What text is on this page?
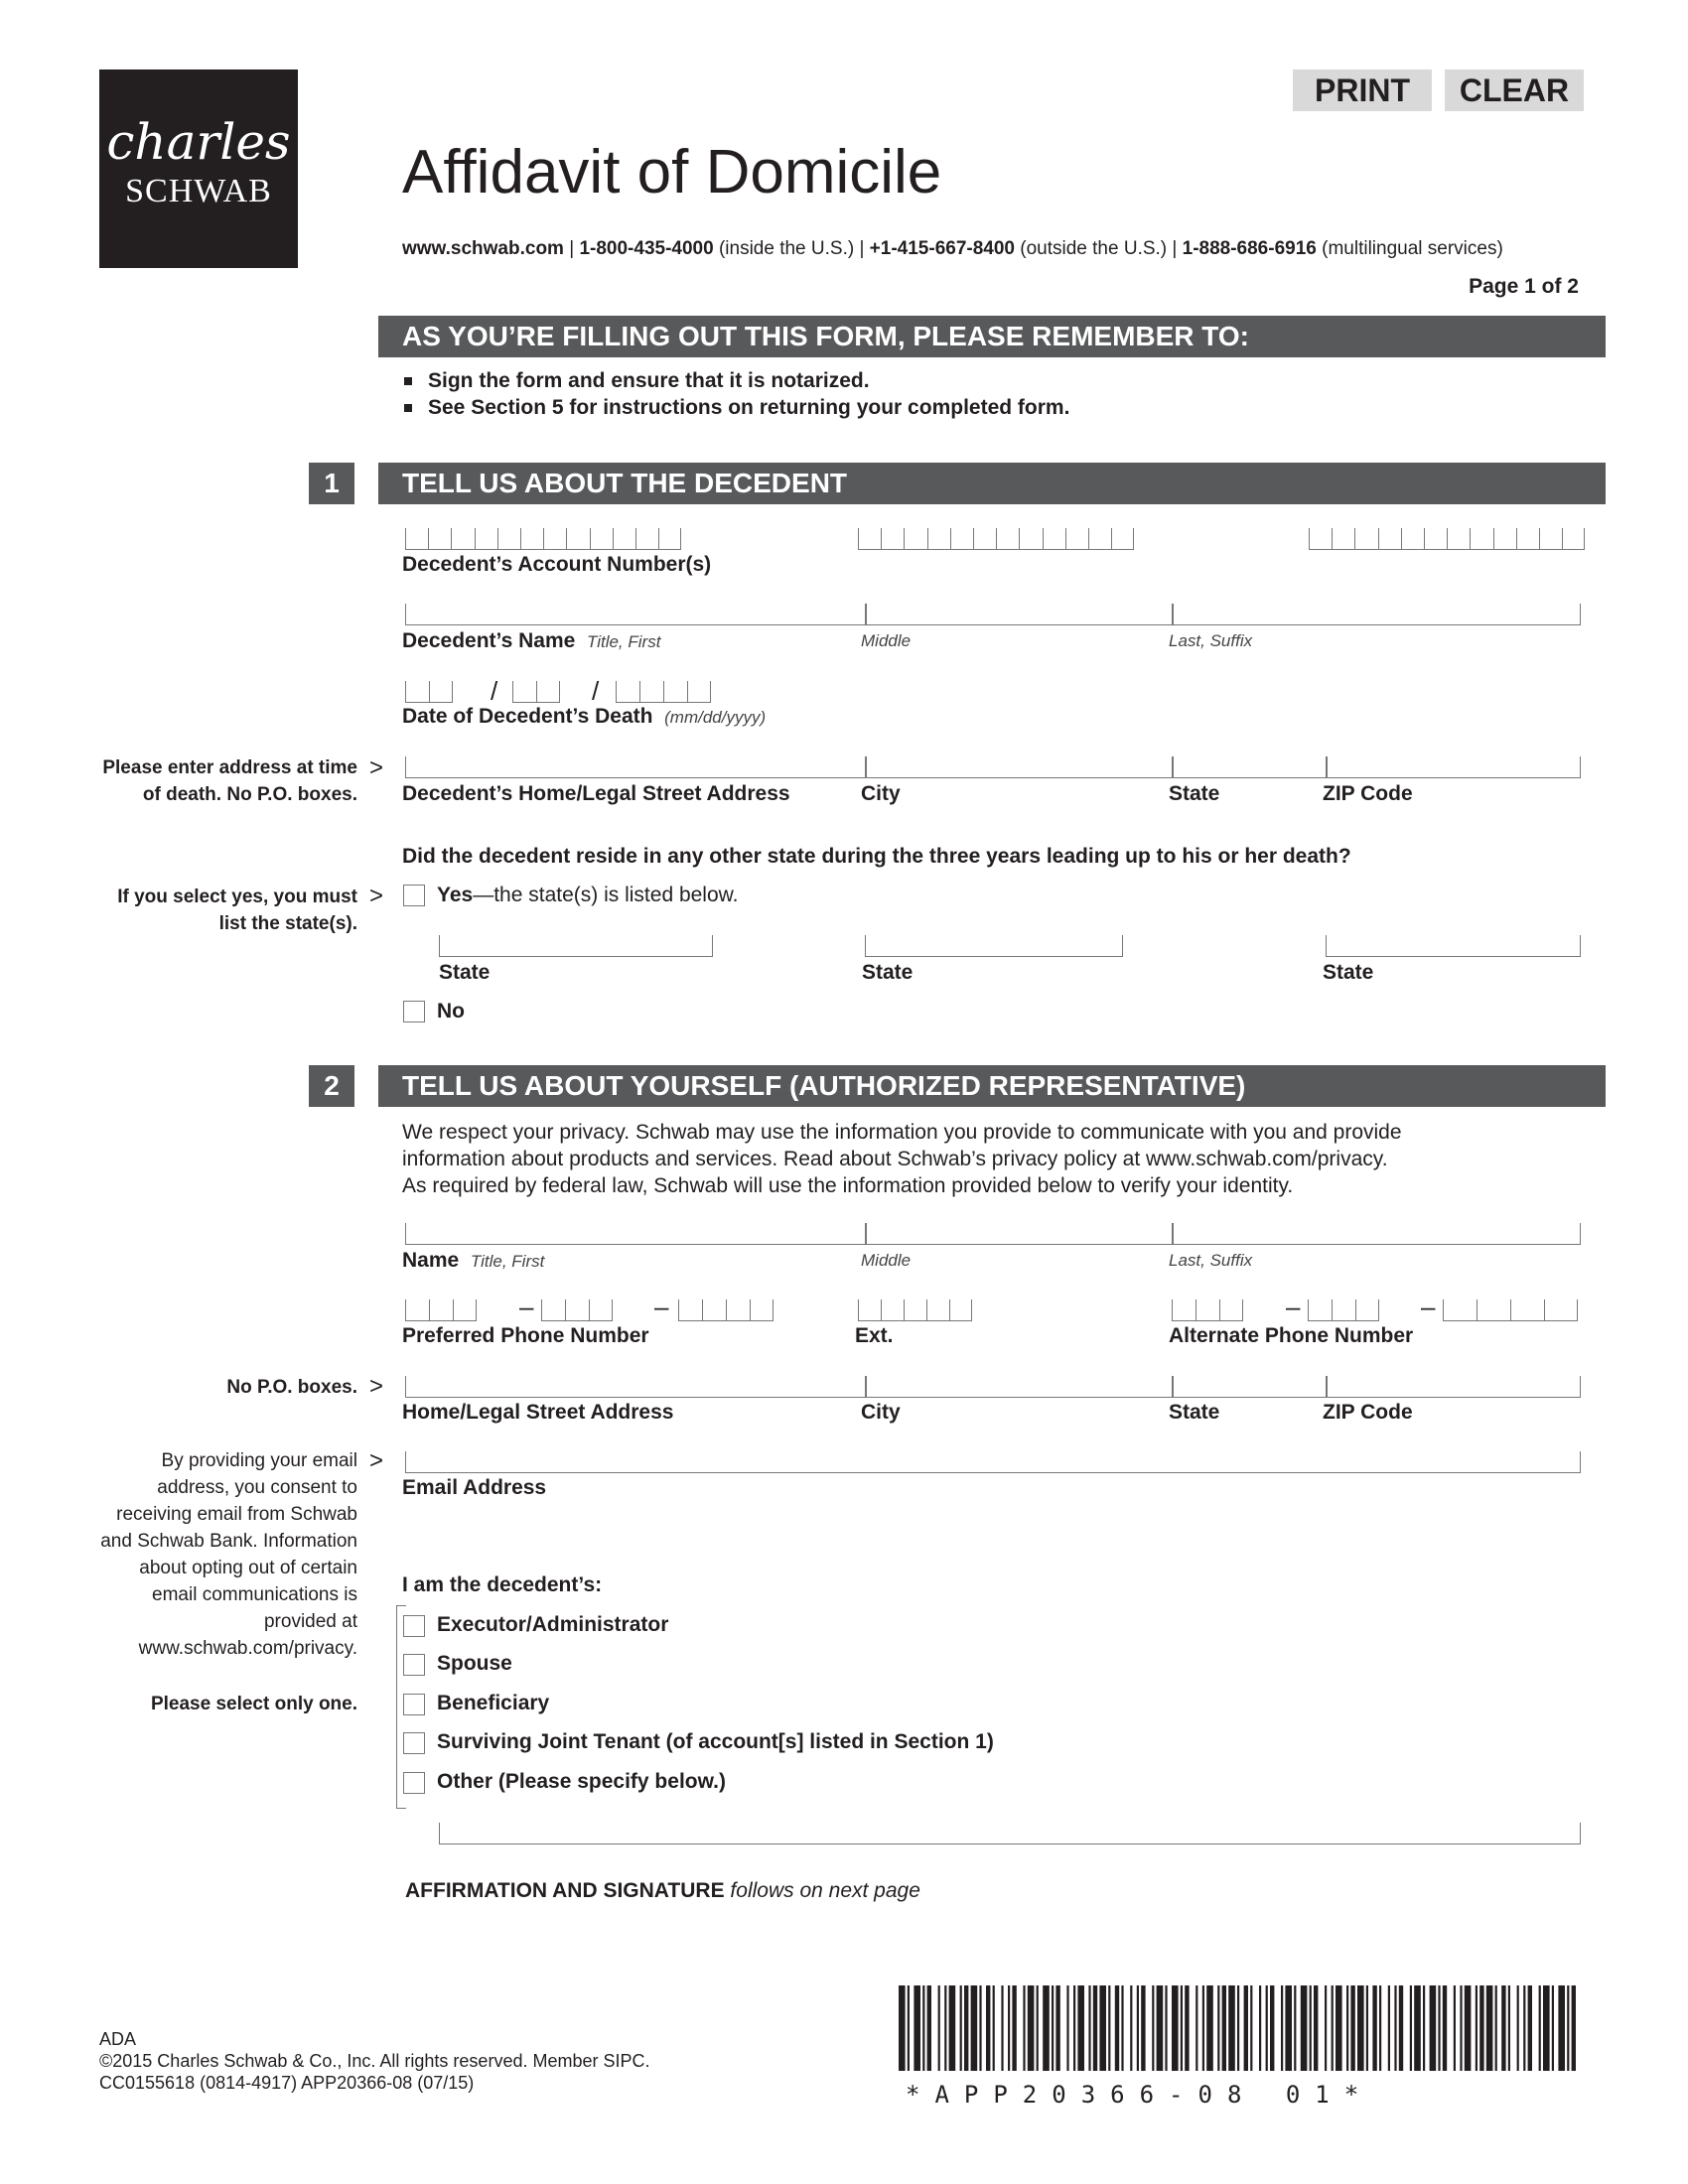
charles
SCHWAB
PRINT	CLEAR
Affidavit of Domicile
www.schwab.com | 1-800-435-4000 (inside the U.S.) | +1-415-667-8400 (outside the U.S.) | 1-888-686-6916 (multilingual services)
Page 1 of 2
AS YOU’RE FILLING OUT THIS FORM, PLEASE REMEMBER TO:
Sign the form and ensure that it is notarized.
See Section 5 for instructions on returning your completed form.
1	TELL US ABOUT THE DECEDENT
Decedent’s Account Number(s)
Decedent’s Name Title, First	Middle	Last, Suffix
/	/
Date of Decedent’s Death (mm/dd/yyyy)
Please enter address at time of death. No P.O. boxes.
>
Decedent’s Home/Legal Street Address	City	State	ZIP Code
Did the decedent reside in any other state during the three years leading up to his or her death?
If you select yes, you must list the state(s).
>	Yes—the state(s) is listed below.
State	State	State
No
2	TELL US ABOUT YOURSELF (AUTHORIZED REPRESENTATIVE)
We respect your privacy. Schwab may use the information you provide to communicate with you and provide
information about products and services. Read about Schwab’s privacy policy at www.schwab.com/privacy.
As required by federal law, Schwab will use the information provided below to verify your identity.
Name Title, First	Middle	Last, Suffix
–	–	–	–
Preferred Phone Number	Ext.	Alternate Phone Number
No P.O. boxes. >
Home/Legal Street Address	City	State	ZIP Code
By providing your email address, you consent to receiving email from Schwab and Schwab Bank. Information about opting out of certain email communications is provided at www.schwab.com/privacy.
>
Email Address
I am the decedent’s:
Please select only one.
Executor/Administrator
Spouse
Beneficiary
Surviving Joint Tenant (of account[s] listed in Section 1)
Other (Please specify below.)
AFFIRMATION AND SIGNATURE follows on next page
ADA
©2015 Charles Schwab & Co., Inc. All rights reserved. Member SIPC.
CC0155618 (0814-4917) APP20366-08 (07/15)	*APP20366-08 01*
